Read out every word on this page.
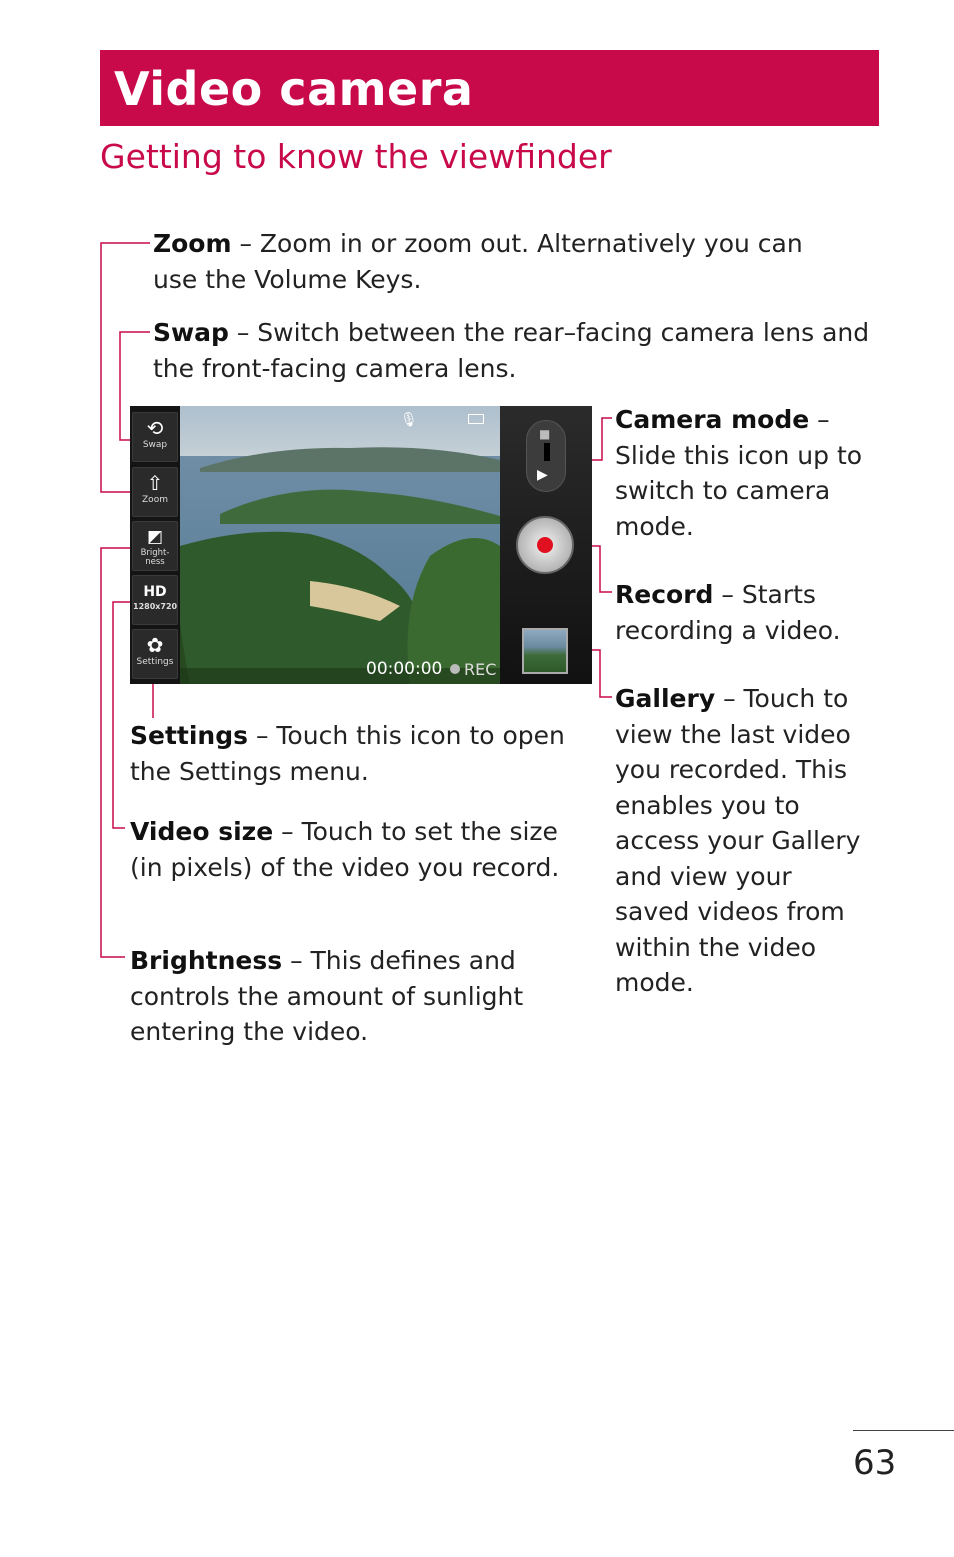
Video camera
Getting to know the viewfinder

Zoom – Zoom in or zoom out. Alternatively you can use the Volume Keys.

Swap – Switch between the rear–facing camera lens and the front-facing camera lens.

Camera mode – Slide this icon up to switch to camera mode.

Record – Starts recording a video.

Gallery – Touch to view the last video you recorded. This enables you to access your Gallery and view your saved videos from within the video mode.

Settings – Touch this icon to open the Settings menu.

Video size – Touch to set the size (in pixels) of the video you record.

Brightness – This defines and controls the amount of sunlight entering the video.

⟲
Swap
⇧
Zoom
◩
Bright-
ness
HD
1280x720
✿
Settings
🎙
00:00:00 REC
■
▶
63
